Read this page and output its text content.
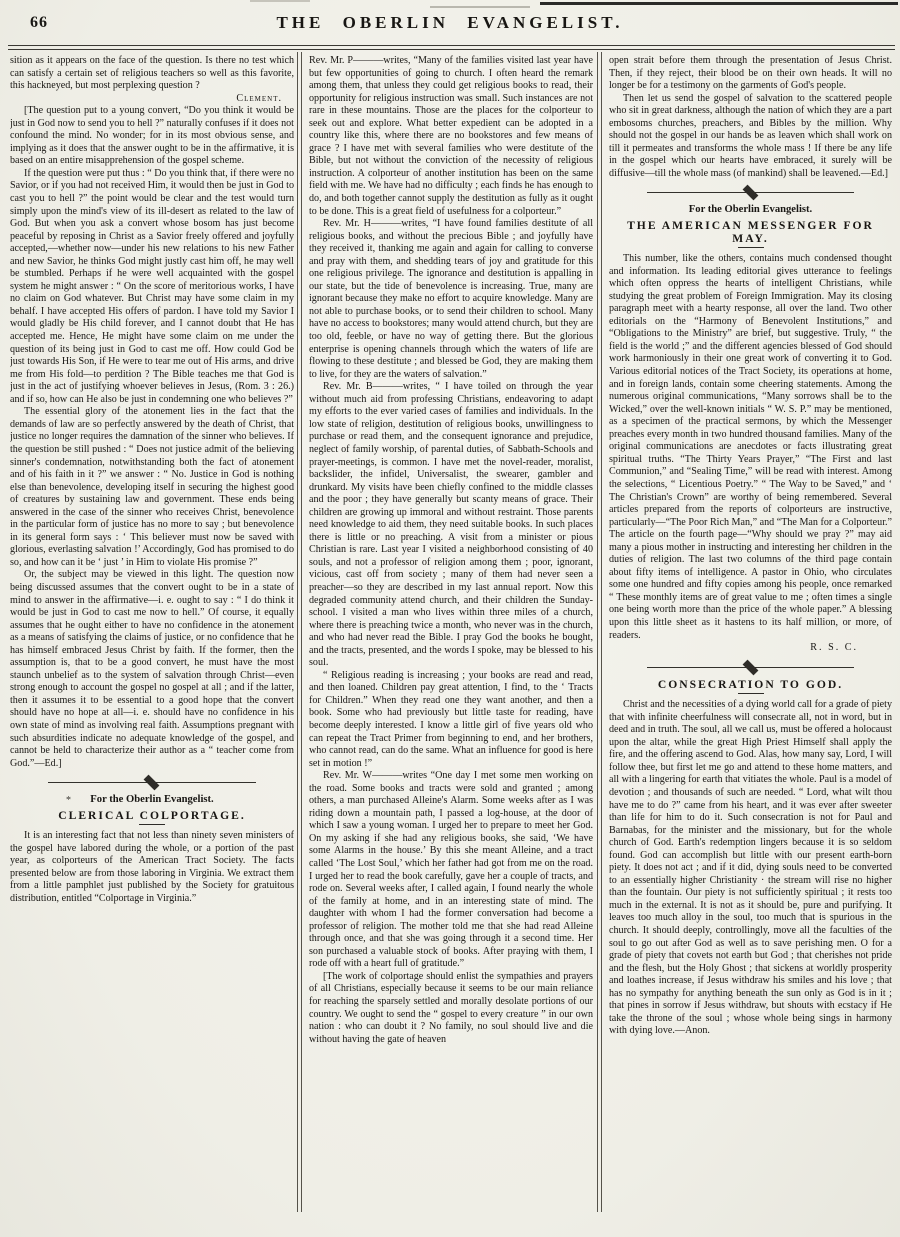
66	THE OBERLIN EVANGELIST.

sition as it appears on the face of the question. Is there no test which can satisfy a certain set of religious teachers so well as this favorite, this hackneyed, but most perplexing question ?

Clement.

[The question put to a young convert, “Do you think it would be just in God now to send you to hell ?” naturally confuses if it does not confound the mind. No wonder; for in its most obvious sense, and implying as it does that the answer ought to be in the affirmative, it is based on an entire misapprehension of the gospel scheme.

If the question were put thus : “ Do you think that, if there were no Savior, or if you had not received Him, it would then be just in God to cast you to hell ?” the point would be clear and the test would turn simply upon the mind's view of its ill-desert as related to the law of God. But when you ask a convert whose bosom has just become peaceful by reposing in Christ as a Savior freely offered and joyfully accepted,—whether now—under his new relations to his new Father and new Savior, he thinks God might justly cast him off, he may well be stumbled. Perhaps if he were well acquainted with the gospel system he might answer : “ On the score of meritorious works, I have no claim on God whatever. But Christ may have some claim in my behalf. I have accepted His offers of pardon. I have told my Savior I would gladly be His child forever, and I cannot doubt that He has accepted me. Hence, He might have some claim on me under the question of its being just in God to cast me off. How could God be just towards His Son, if He were to tear me out of His arms, and drive me from His fold—to perdition ? The Bible teaches me that God is just in the act of justifying whoever believes in Jesus, (Rom. 3 : 26.) and if so, how can He also be just in condemning one who believes ?”

The essential glory of the atonement lies in the fact that the demands of law are so perfectly answered by the death of Christ, that justice no longer requires the damnation of the sinner who believes. If the question be still pushed : “ Does not justice admit of the believing sinner's condemnation, notwithstanding both the fact of atonement and of his faith in it ?” we answer : “ No. Justice in God is nothing else than benevolence, developing itself in securing the highest good of creatures by sustaining law and government. These ends being answered in the case of the sinner who receives Christ, benevolence in the particular form of justice has no more to say ; but benevolence in its general form says : ‘ This believer must now be saved with glorious, everlasting salvation !’ Accordingly, God has promised to do so, and how can it be ‘ just ’ in Him to violate His promise ?”

Or, the subject may be viewed in this light. The question now being discussed assumes that the convert ought to be in a state of mind to answer in the affirmative—i. e. ought to say : “ I do think it would be just in God to cast me now to hell.” Of course, it equally assumes that he ought either to have no confidence in the atonement as a means of satisfying the claims of justice, or no confidence that he has himself embraced Jesus Christ by faith. If the former, then the assumption is, that to be a good convert, he must have the most staunch unbelief as to the system of salvation through Christ—even strong enough to account the gospel no gospel at all ; and if the latter, then it assumes it to be essential to a good hope that the convert should have no hope at all—i. e. should have no confidence in his own state of mind as involving real faith. Assumptions pregnant with such absurdities indicate no adequate knowledge of the gospel, and cannot be held to characterize their author as a “ teacher come from God.”—Ed.]

* For the Oberlin Evangelist.
CLERICAL COLPORTAGE.

It is an interesting fact that not less than ninety seven ministers of the gospel have labored during the whole, or a portion of the past year, as colporteurs of the American Tract Society. The facts presented below are from those laboring in Virginia. We extract them from a little pamphlet just published by the Society for gratuitous distribution, entitled “Colportage in Virginia.”

Rev. Mr. P———writes, “Many of the families visited last year have but few opportunities of going to church. I often heard the remark among them, that unless they could get religious books to read, their opportunity for religious instruction was small. Such instances are not rare in these mountains. Those are the places for the colporteur to seek out and explore. What better expedient can be adopted in a country like this, where there are no bookstores and few means of grace ? I have met with several families who were destitute of the Bible, but not without the conviction of the necessity of religious instruction. A colporteur of another institution has been on the same field with me. We have had no difficulty ; each finds he has enough to do, and both together cannot supply the destitution as fully as it ought to be done. This is a great field of usefulness for a colporteur.”

Rev. Mr. H———writes, “I have found families destitute of all religious books, and without the precious Bible ; and joyfully have they received it, thanking me again and again for calling to converse and pray with them, and shedding tears of joy and gratitude for this one religious privilege. The ignorance and destitution is appalling in our state, but the tide of benevolence is increasing. True, many are ignorant because they make no effort to acquire knowledge. Many are not able to purchase books, or to send their children to school. Many have no access to bookstores; many would attend church, but they are too old, feeble, or have no way of getting there. But the glorious enterprise is opening channels through which the waters of life are flowing to these destitute ; and blessed be God, they are making them to live, for they are the waters of salvation.”

Rev. Mr. B———writes, “ I have toiled on through the year without much aid from professing Christians, endeavoring to adapt my efforts to the ever varied cases of families and individuals. In the low state of religion, destitution of religious books, unwillingness to purchase or read them, and the consequent ignorance and prejudice, neglect of family worship, of parental duties, of Sabbath-Schools and prayer-meetings, is common. I have met the novel-reader, moralist, backslider, the infidel, Universalist, the swearer, gambler and drunkard. My visits have been chiefly confined to the middle classes and the poor ; they have generally but scanty means of grace. Their children are growing up immoral and without restraint. Those parents need knowledge to aid them, they need suitable books. In such places there is little or no preaching. A visit from a minister or pious Christian is rare. Last year I visited a neighborhood consisting of 40 souls, and not a professor of religion among them ; poor, ignorant, vicious, cast off from society ; many of them had never seen a preacher—so they are described in my last annual report. Now this degraded community attend church, and their children the Sunday-school. I visited a man who lives within three miles of a church, where there is preaching twice a month, who never was in the church, and who had never read the Bible. I pray God the books he bought, and the tracts, presented, and the words I spoke, may be blessed to his soul.

“ Religious reading is increasing ; your books are read and read, and then loaned. Children pay great attention, I find, to the ‘ Tracts for Children.” When they read one they want another, and then a book. Some who had previously but little taste for reading, have become deeply interested. I know a little girl of five years old who can repeat the Tract Primer from beginning to end, and her brothers, who cannot read, can do the same. What an influence for good is here set in motion !”

Rev. Mr. W———writes “One day I met some men working on the road. Some books and tracts were sold and granted ; among others, a man purchased Alleine's Alarm. Some weeks after as I was riding down a mountain path, I passed a log-house, at the door of which I saw a young woman. I urged her to prepare to meet her God. On my asking if she had any religious books, she said, ‘We have some Alarms in the house.’ By this she meant Alleine, and a tract called ‘The Lost Soul,’ which her father had got from me on the road. I urged her to read the book carefully, gave her a couple of tracts, and rode on. Several weeks after, I called again, I found nearly the whole of the family at home, and in an interesting state of mind. The daughter with whom I had the former conversation had become a professor of religion. The mother told me that she had read Alleine through once, and that she was going through it a second time. Her son purchased a valuable stock of books. After praying with them, I rode off with a heart full of gratitude.”

[The work of colportage should enlist the sympathies and prayers of all Christians, especially because it seems to be our main reliance for reaching the sparsely settled and morally desolate portions of our country. We ought to send the “ gospel to every creature ” in our own nation : who can doubt it ? No family, no soul should live and die without having the gate of heaven

open strait before them through the presentation of Jesus Christ. Then, if they reject, their blood be on their own heads. It will no longer be for a testimony on the garments of God's people.

Then let us send the gospel of salvation to the scattered people who sit in great darkness, although the nation of which they are a part embosoms churches, preachers, and Bibles by the million. Why should not the gospel in our hands be as leaven which shall work on till it permeates and transforms the whole mass ! If there be any life in the gospel which our hearts have embraced, it surely will be diffusive—till the whole mass (of mankind) shall be leavened.—Ed.]

For the Oberlin Evangelist.
THE AMERICAN MESSENGER FOR MAY.

This number, like the others, contains much condensed thought and information. Its leading editorial gives utterance to feelings which often oppress the hearts of intelligent Christians, while studying the great problem of Foreign Immigration. May its closing paragraph meet with a hearty response, all over the land. Two other editorials on the “Harmony of Benevolent Institutions,” and “Obligations to the Ministry” are brief, but suggestive. Truly, “ the field is the world ;” and the different agencies blessed of God should work harmoniously in their one great work of converting it to God. Various editorial notices of the Tract Society, its operations at home, and in foreign lands, contain some cheering statements. Among the numerous original communications, “Many sorrows shall be to the Wicked,” over the well-known initials “ W. S. P.” may be mentioned, as a specimen of the practical sermons, by which the Messenger preaches every month in two hundred thousand families. Many of the original communications are anecdotes or facts illustrating great spiritual truths. “The Thirty Years Prayer,” “The First and last Communion,” and “Sealing Time,” will be read with interest. Among the selections, “ Licentious Poetry.” “ The Way to be Saved,” and ‘ The Christian's Crown” are worthy of being remembered. Several articles prepared from the reports of colporteurs are instructive, particularly—“The Poor Rich Man,” and “The Man for a Colporteur.” The article on the fourth page—“Why should we pray ?” may aid many a pious mother in instructing and interesting her children in the duties of religion. The last two columns of the third page contain about fifty items of intelligence. A pastor in Ohio, who circulates some one hundred and fifty copies among his people, once remarked “ These monthly items are of great value to me ; often times a single one being worth more than the price of the whole paper.” A blessing upon this little sheet as it hastens to its half million, or more, of readers.

R. S. C.

CONSECRATION TO GOD.

Christ and the necessities of a dying world call for a grade of piety that with infinite cheerfulness will consecrate all, not in word, but in deed and in truth. The soul, all we call us, must be offered a holocaust upon the altar, while the great High Priest Himself shall apply the fire, and the offering ascend to God. Alas, how many say, Lord, I will follow thee, but first let me go and attend to these home matters, and all with a lingering for earth that vitiates the whole. Paul is a model of devotion ; and thousands of such are needed. “ Lord, what wilt thou have me to do ?” came from his heart, and it was ever after sweeter than life for him to do it. Such consecration is not for Paul and Barnabas, for the minister and the missionary, but for the whole church of God. Earth's redemption lingers because it is so seldom found. God can accomplish but little with our present earth-born piety. It does not act ; and if it did, dying souls need to be converted to an essentially higher Christianity · the stream will rise no higher than the fountain. Our piety is not sufficiently spiritual ; it rests too much in the external. It is not as it should be, pure and purifying. It leaves too much alloy in the soul, too much that is spurious in the church. It should deeply, controllingly, move all the faculties of the soul to go out after God as well as to save perishing men. O for a grade of piety that covets not earth but God ; that cherishes not pride and the flesh, but the Holy Ghost ; that sickens at worldly prosperity and loathes increase, if Jesus withdraw his smiles and his love ; that has no sympathy for anything beneath the sun only as God is in it ; that pines in sorrow if Jesus withdraw, but shouts with ecstacy if He take the throne of the soul ; whose whole being sings in harmony with dying love.—Anon.
